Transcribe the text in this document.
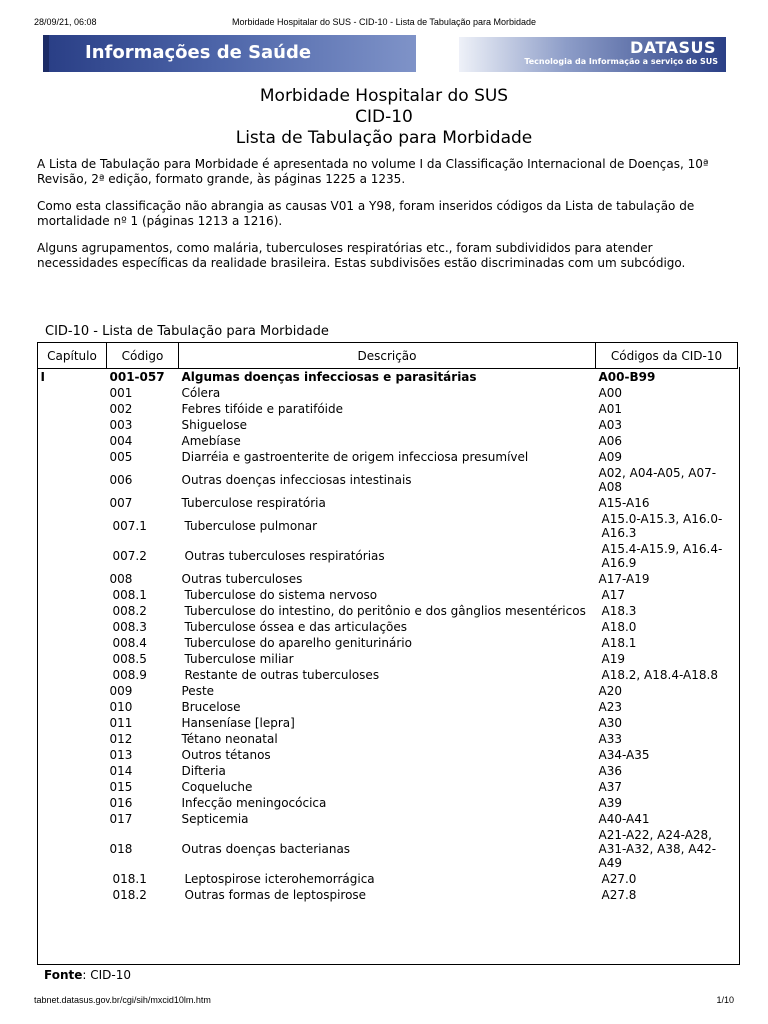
28/09/21, 06:08	Morbidade Hospitalar do SUS - CID-10 - Lista de Tabulação para Morbidade
Informações de Saúde	DATASUS
Tecnologia da Informação a serviço do SUS
Morbidade Hospitalar do SUS
CID-10
Lista de Tabulação para Morbidade

A Lista de Tabulação para Morbidade é apresentada no volume I da Classificação Internacional de Doenças, 10ª Revisão, 2ª edição, formato grande, às páginas 1225 a 1235.

Como esta classificação não abrangia as causas V01 a Y98, foram inseridos códigos da Lista de tabulação de mortalidade nº 1 (páginas 1213 a 1216).

Alguns agrupamentos, como malária, tuberculoses respiratórias etc., foram subdivididos para atender necessidades específicas da realidade brasileira. Estas subdivisões estão discriminadas com um subcódigo.

CID-10 - Lista de Tabulação para Morbidade
Capítulo	Código	Descrição	Códigos da CID-10
I	001-057	Algumas doenças infecciosas e parasitárias	A00-B99
	001	Cólera	A00
	002	Febres tifóide e paratifóide	A01
	003	Shiguelose	A03
	004	Amebíase	A06
	005	Diarréia e gastroenterite de origem infecciosa presumível	A09
	006	Outras doenças infecciosas intestinais	A02, A04-A05, A07-A08
	007	Tuberculose respiratória	A15-A16
	007.1	Tuberculose pulmonar	A15.0-A15.3, A16.0-A16.3
	007.2	Outras tuberculoses respiratórias	A15.4-A15.9, A16.4-A16.9
	008	Outras tuberculoses	A17-A19
	008.1	Tuberculose do sistema nervoso	A17
	008.2	Tuberculose do intestino, do peritônio e dos gânglios mesentéricos	A18.3
	008.3	Tuberculose óssea e das articulações	A18.0
	008.4	Tuberculose do aparelho geniturinário	A18.1
	008.5	Tuberculose miliar	A19
	008.9	Restante de outras tuberculoses	A18.2, A18.4-A18.8
	009	Peste	A20
	010	Brucelose	A23
	011	Hanseníase [lepra]	A30
	012	Tétano neonatal	A33
	013	Outros tétanos	A34-A35
	014	Difteria	A36
	015	Coqueluche	A37
	016	Infecção meningocócica	A39
	017	Septicemia	A40-A41
	018	Outras doenças bacterianas	A21-A22, A24-A28, A31-A32, A38, A42-A49
	018.1	Leptospirose icterohemorrágica	A27.0
	018.2	Outras formas de leptospirose	A27.8
Fonte: CID-10
tabnet.datasus.gov.br/cgi/sih/mxcid10lm.htm	1/10
